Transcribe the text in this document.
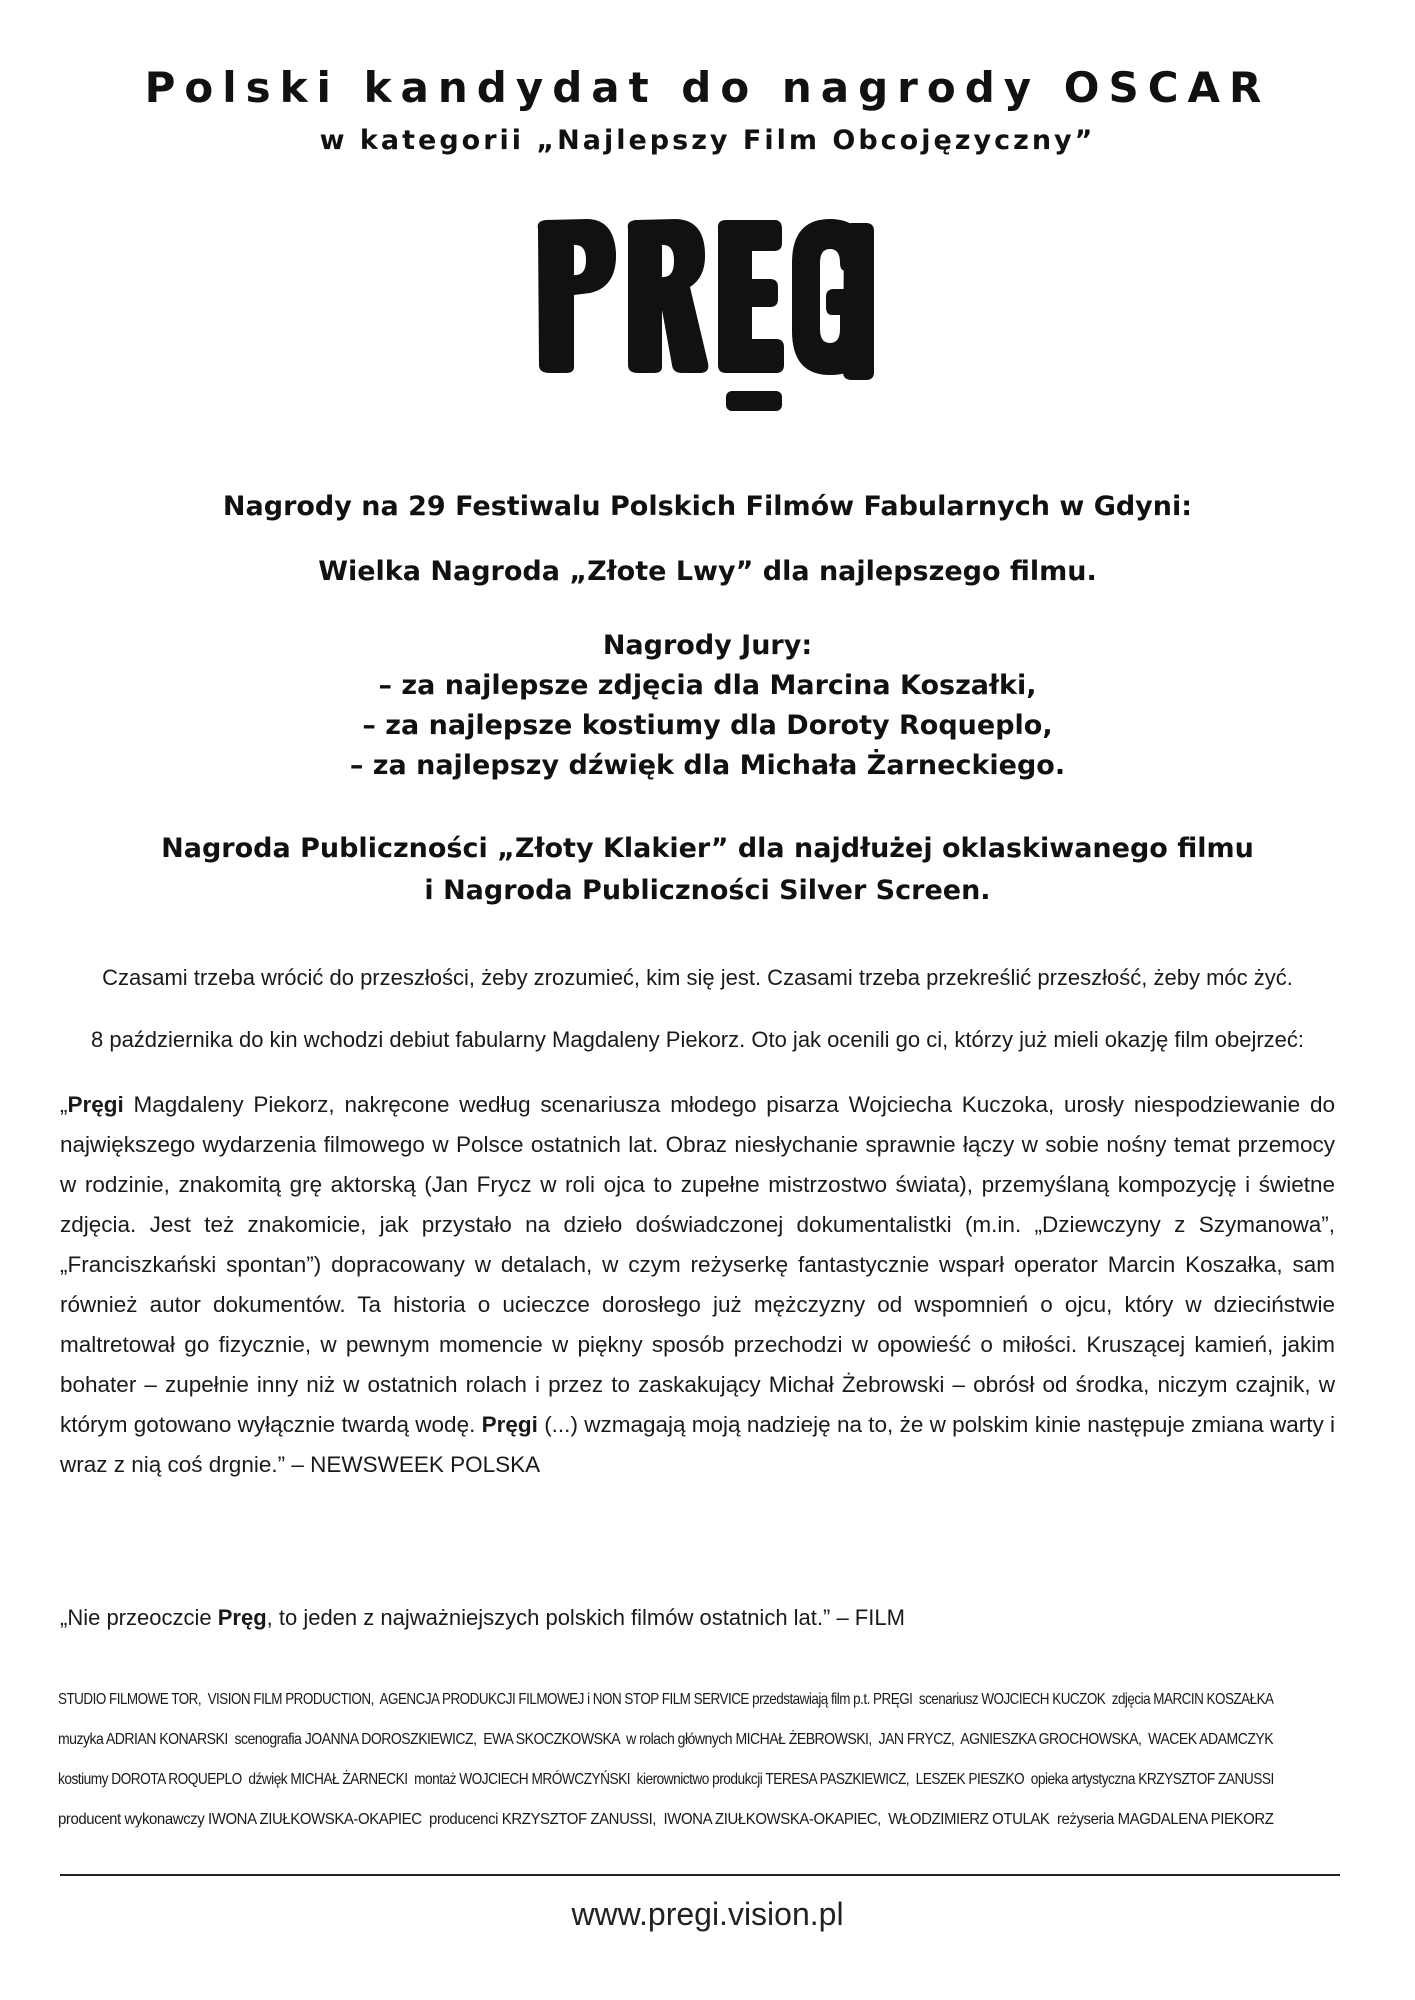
Polski kandydat do nagrody OSCAR
w kategorii „Najlepszy Film Obcojęzyczny”
Nagrody na 29 Festiwalu Polskich Filmów Fabularnych w Gdyni:
Wielka Nagroda „Złote Lwy” dla najlepszego filmu.
Nagrody Jury:
– za najlepsze zdjęcia dla Marcina Koszałki,
– za najlepsze kostiumy dla Doroty Roqueplo,
– za najlepszy dźwięk dla Michała Żarneckiego.
Nagroda Publiczności „Złoty Klakier” dla najdłużej oklaskiwanego filmu
i Nagroda Publiczności Silver Screen.
Czasami trzeba wrócić do przeszłości, żeby zrozumieć, kim się jest. Czasami trzeba przekreślić przeszłość, żeby móc żyć.
8 października do kin wchodzi debiut fabularny Magdaleny Piekorz. Oto jak ocenili go ci, którzy już mieli okazję film obejrzeć:
„Pręgi Magdaleny Piekorz, nakręcone według scenariusza młodego pisarza Wojciecha Kuczoka, urosły niespodziewanie do największego wydarzenia filmowego w Polsce ostatnich lat. Obraz niesłychanie sprawnie łączy w sobie nośny temat przemocy w rodzinie, znakomitą grę aktorską (Jan Frycz w roli ojca to zupełne mistrzostwo świata), przemyślaną kompozycję i świetne zdjęcia. Jest też znakomicie, jak przystało na dzieło doświadczonej dokumentalistki (m.in. „Dziewczyny z Szymanowa”, „Franciszkański spontan”) dopracowany w detalach, w czym reżyserkę fantastycznie wsparł operator Marcin Koszałka, sam również autor dokumentów. Ta historia o ucieczce dorosłego już mężczyzny od wspomnień o ojcu, który w dzieciństwie maltretował go fizycznie, w pewnym momencie w piękny sposób przechodzi w opowieść o miłości. Kruszącej kamień, jakim bohater – zupełnie inny niż w ostatnich rolach i przez to zaskakujący Michał Żebrowski – obrósł od środka, niczym czajnik, w którym gotowano wyłącznie twardą wodę. Pręgi (...) wzmagają moją nadzieję na to, że w polskim kinie następuje zmiana warty i wraz z nią coś drgnie.” – NEWSWEEK POLSKA
„Nie przeoczcie Pręg, to jeden z najważniejszych polskich filmów ostatnich lat.” – FILM
STUDIO FILMOWE TOR,  VISION FILM PRODUCTION,  AGENCJA PRODUKCJI FILMOWEJ i NON STOP FILM SERVICE przedstawiają film p.t. PRĘGI  scenariusz WOJCIECH KUCZOK  zdjęcia MARCIN KOSZAŁKA
muzyka ADRIAN KONARSKI  scenografia JOANNA DOROSZKIEWICZ,  EWA SKOCZKOWSKA  w rolach głównych MICHAŁ ŻEBROWSKI,  JAN FRYCZ,  AGNIESZKA GROCHOWSKA,  WACEK ADAMCZYK
kostiumy DOROTA ROQUEPLO  dźwięk MICHAŁ ŻARNECKI  montaż WOJCIECH MRÓWCZYŃSKI  kierownictwo produkcji TERESA PASZKIEWICZ,  LESZEK PIESZKO  opieka artystyczna KRZYSZTOF ZANUSSI
producent wykonawczy IWONA ZIUŁKOWSKA-OKAPIEC  producenci KRZYSZTOF ZANUSSI,  IWONA ZIUŁKOWSKA-OKAPIEC,  WŁODZIMIERZ OTULAK  reżyseria MAGDALENA PIEKORZ
www.pregi.vision.pl
